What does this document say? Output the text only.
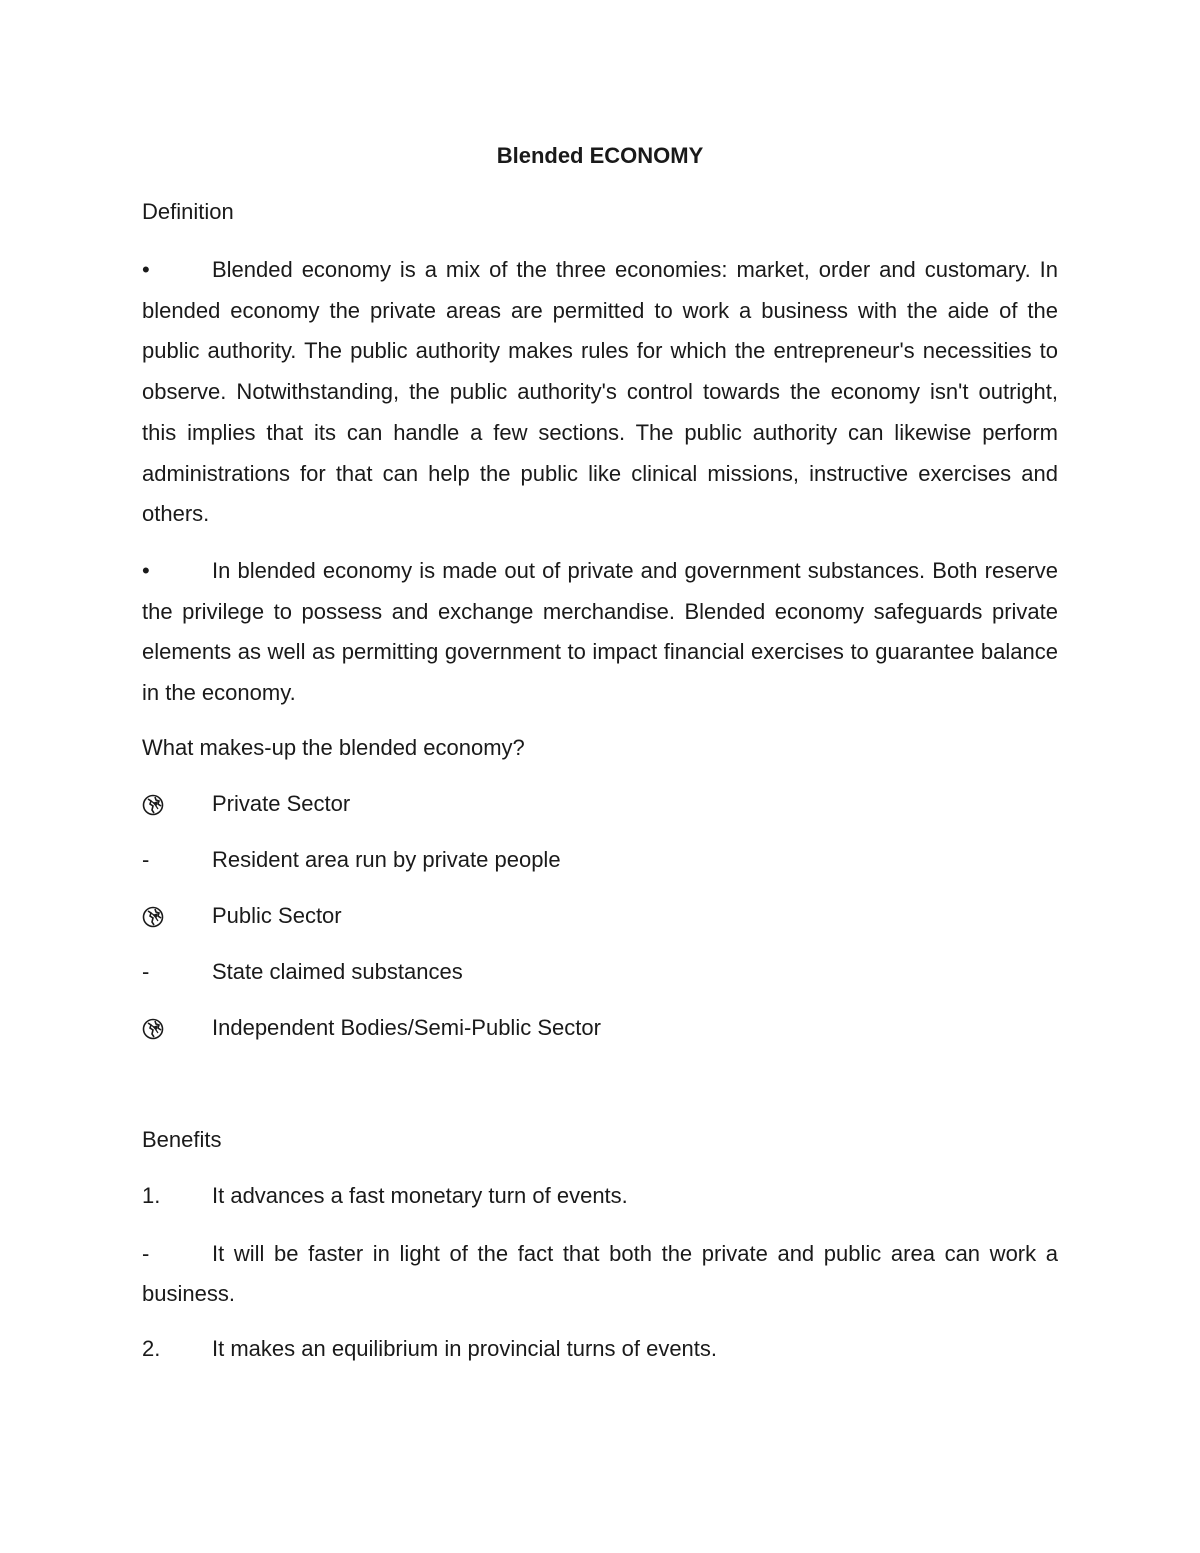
Blended ECONOMY
Definition
•	Blended economy is a mix of the three economies: market, order and customary. In blended economy the private areas are permitted to work a business with the aide of the public authority. The public authority makes rules for which the entrepreneur's necessities to observe. Notwithstanding, the public authority's control towards the economy isn't outright, this implies that its can handle a few sections. The public authority can likewise perform administrations for that can help the public like clinical missions, instructive exercises and others.
•	In blended economy is made out of private and government substances. Both reserve the privilege to possess and exchange merchandise. Blended economy safeguards private elements as well as permitting government to impact financial exercises to guarantee balance in the economy.
What makes-up the blended economy?
Private Sector
-	Resident area run by private people
Public Sector
-	State claimed substances
Independent Bodies/Semi-Public Sector
Benefits
1.	It advances a fast monetary turn of events.
-	It will be faster in light of the fact that both the private and public area can work a business.
2.	It makes an equilibrium in provincial turns of events.
